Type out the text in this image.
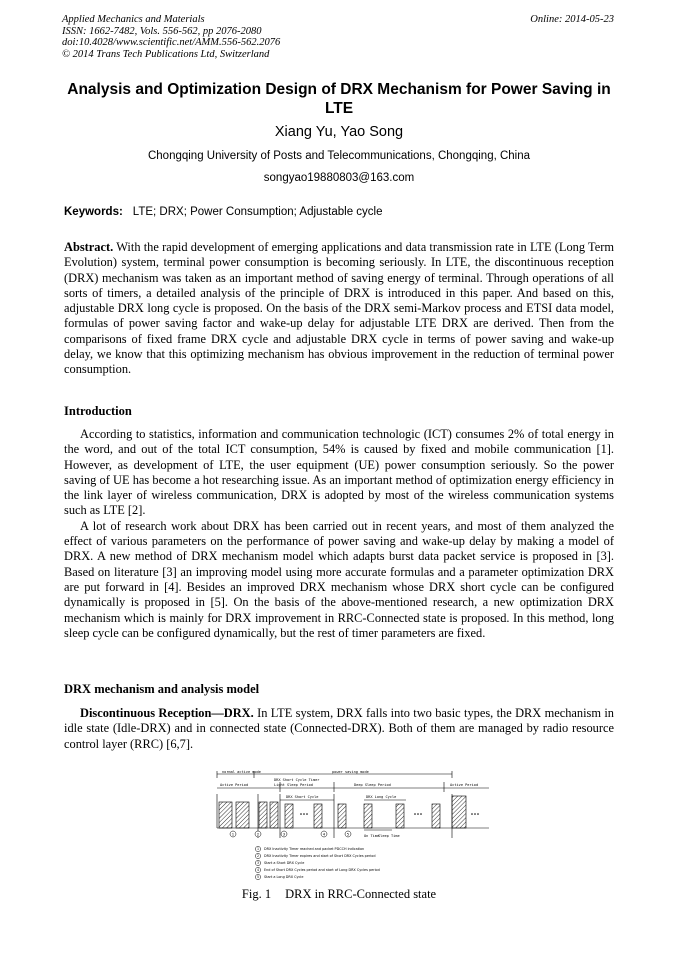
Applied Mechanics and Materials
ISSN: 1662-7482, Vols. 556-562, pp 2076-2080
doi:10.4028/www.scientific.net/AMM.556-562.2076
© 2014 Trans Tech Publications Ltd, Switzerland
Online: 2014-05-23
Analysis and Optimization Design of DRX Mechanism for Power Saving in LTE
Xiang Yu, Yao Song
Chongqing University of Posts and Telecommunications, Chongqing, China
songyao19880803@163.com
Keywords: LTE; DRX; Power Consumption; Adjustable cycle

Abstract. With the rapid development of emerging applications and data transmission rate in LTE (Long Term Evolution) system, terminal power consumption is becoming seriously. In LTE, the discontinuous reception (DRX) mechanism was taken as an important method of saving energy of terminal. Through operations of all sorts of timers, a detailed analysis of the principle of DRX is introduced in this paper. And based on this, adjustable DRX long cycle is proposed. On the basis of the DRX semi-Markov process and ETSI data model, formulas of power saving factor and wake-up delay for adjustable LTE DRX are derived. Then from the comparisons of fixed frame DRX cycle and adjustable DRX cycle in terms of power saving and wake-up delay, we know that this optimizing mechanism has obvious improvement in the reduction of terminal power consumption.

Introduction

According to statistics, information and communication technologic (ICT) consumes 2% of total energy in the word, and out of the total ICT consumption, 54% is caused by fixed and mobile communication [1]. However, as development of LTE, the user equipment (UE) power consumption seriously. So the power saving of UE has become a hot researching issue. As an important method of optimization energy efficiency in the link layer of wireless communication, DRX is adopted by most of the wireless communication systems such as LTE [2].

A lot of research work about DRX has been carried out in recent years, and most of them analyzed the effect of various parameters on the performance of power saving and wake-up delay by making a model of DRX. A new method of DRX mechanism model which adapts burst data packet service is proposed in [3]. Based on literature [3] an improving model using more accurate formulas and a parameter optimization DRX are put forward in [4]. Besides an improved DRX mechanism whose DRX short cycle can be configured dynamically is proposed in [5]. On the basis of the above-mentioned research, a new optimization DRX mechanism which is mainly for DRX improvement in RRC-Connected state is proposed. In this method, long sleep cycle can be configured dynamically, but the rest of timer parameters are fixed.

DRX mechanism and analysis model

Discontinuous Reception—DRX. In LTE system, DRX falls into two basic types, the DRX mechanism in idle state (Idle-DRX) and in connected state (Connected-DRX). Both of them are managed by radio resource control layer (RRC) [6,7].

normal active mode	power saving mode
Active Period
DRX Short Cycle Timer
Light Sleep Period	Deep Sleep Period	Active Period
DRX Short Cycle	DRX Long Cycle
On Time
Sleep Time
1	2	3	4	5
1
2
3
4
5
DRX Inactivity Timer reached and packet PDCCH indication
DRX Inactivity Timer expires and start of Short DRX Cycles period
Start a Short DRX Cycle
End of Short DRX Cycles period and start of Long DRX Cycles period
Start a Long DRX Cycle
Fig. 1 DRX in RRC-Connected state
